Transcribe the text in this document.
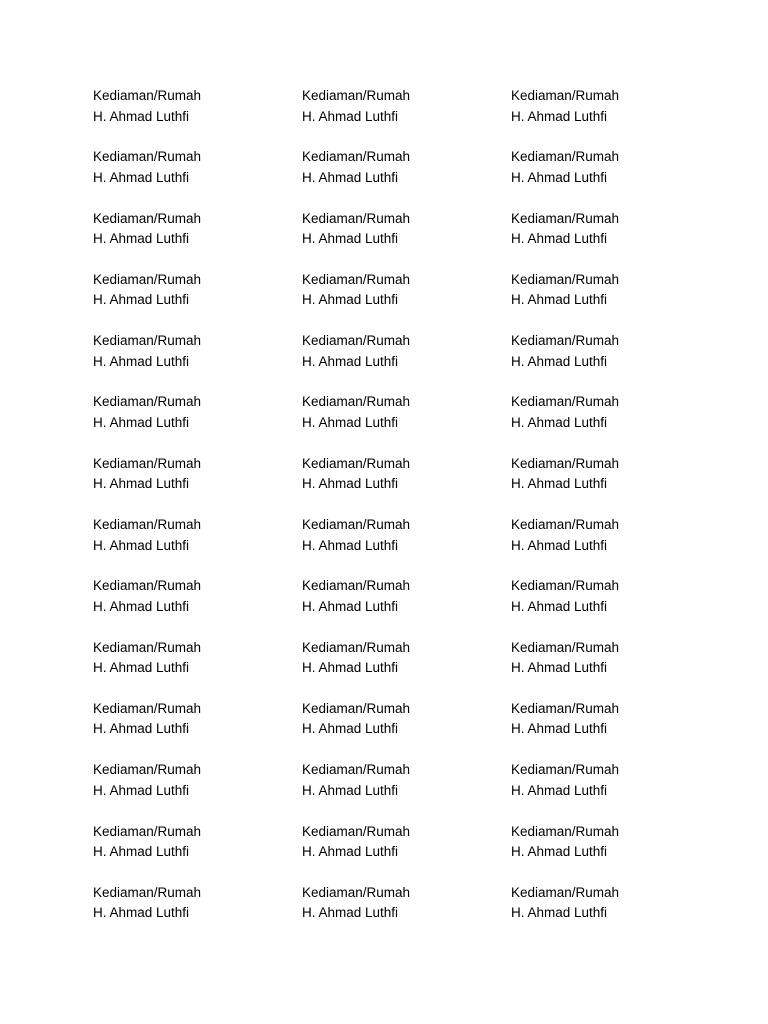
Kediaman/Rumah
H. Ahmad Luthfi
Kediaman/Rumah
H. Ahmad Luthfi
Kediaman/Rumah
H. Ahmad Luthfi
Kediaman/Rumah
H. Ahmad Luthfi
Kediaman/Rumah
H. Ahmad Luthfi
Kediaman/Rumah
H. Ahmad Luthfi
Kediaman/Rumah
H. Ahmad Luthfi
Kediaman/Rumah
H. Ahmad Luthfi
Kediaman/Rumah
H. Ahmad Luthfi
Kediaman/Rumah
H. Ahmad Luthfi
Kediaman/Rumah
H. Ahmad Luthfi
Kediaman/Rumah
H. Ahmad Luthfi
Kediaman/Rumah
H. Ahmad Luthfi
Kediaman/Rumah
H. Ahmad Luthfi
Kediaman/Rumah
H. Ahmad Luthfi
Kediaman/Rumah
H. Ahmad Luthfi
Kediaman/Rumah
H. Ahmad Luthfi
Kediaman/Rumah
H. Ahmad Luthfi
Kediaman/Rumah
H. Ahmad Luthfi
Kediaman/Rumah
H. Ahmad Luthfi
Kediaman/Rumah
H. Ahmad Luthfi
Kediaman/Rumah
H. Ahmad Luthfi
Kediaman/Rumah
H. Ahmad Luthfi
Kediaman/Rumah
H. Ahmad Luthfi
Kediaman/Rumah
H. Ahmad Luthfi
Kediaman/Rumah
H. Ahmad Luthfi
Kediaman/Rumah
H. Ahmad Luthfi
Kediaman/Rumah
H. Ahmad Luthfi
Kediaman/Rumah
H. Ahmad Luthfi
Kediaman/Rumah
H. Ahmad Luthfi
Kediaman/Rumah
H. Ahmad Luthfi
Kediaman/Rumah
H. Ahmad Luthfi
Kediaman/Rumah
H. Ahmad Luthfi
Kediaman/Rumah
H. Ahmad Luthfi
Kediaman/Rumah
H. Ahmad Luthfi
Kediaman/Rumah
H. Ahmad Luthfi
Kediaman/Rumah
H. Ahmad Luthfi
Kediaman/Rumah
H. Ahmad Luthfi
Kediaman/Rumah
H. Ahmad Luthfi
Kediaman/Rumah
H. Ahmad Luthfi
Kediaman/Rumah
H. Ahmad Luthfi
Kediaman/Rumah
H. Ahmad Luthfi
